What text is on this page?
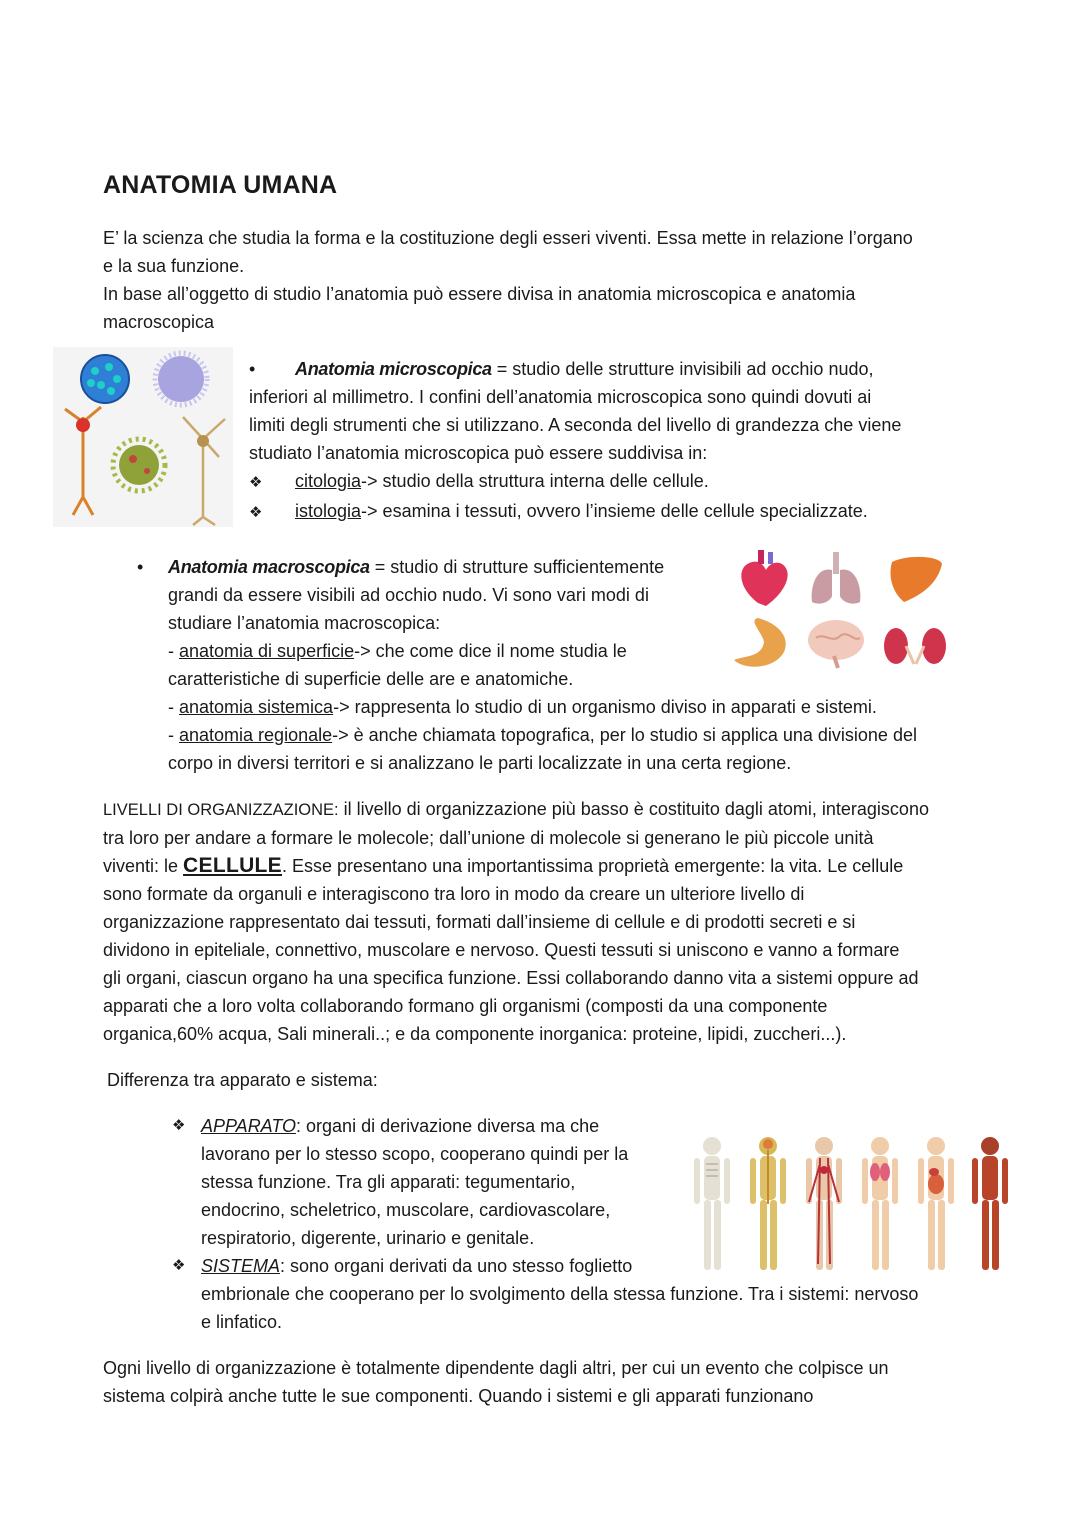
ANATOMIA UMANA

E’ la scienza che studia la forma e la costituzione degli esseri viventi. Essa mette in relazione l’organo

e la sua funzione.

In base all’oggetto di studio l’anatomia può essere divisa in anatomia microscopica e anatomia

macroscopica

• Anatomia microscopica = studio delle strutture invisibili ad occhio nudo,

inferiori al millimetro. I confini dell’anatomia microscopica sono quindi dovuti ai

limiti degli strumenti che si utilizzano. A seconda del livello di grandezza che viene

studiato l’anatomia microscopica può essere suddivisa in:

❖ citologia-> studio della struttura interna delle cellule.

❖ istologia-> esamina i tessuti, ovvero l’insieme delle cellule specializzate.

• Anatomia macroscopica = studio di strutture sufficientemente

grandi da essere visibili ad occhio nudo. Vi sono vari modi di

studiare l’anatomia macroscopica:

- anatomia di superficie-> che come dice il nome studia le

caratteristiche di superficie delle are e anatomiche.

- anatomia sistemica-> rappresenta lo studio di un organismo diviso in apparati e sistemi.

- anatomia regionale-> è anche chiamata topografica, per lo studio si applica una divisione del

corpo in diversi territori e si analizzano le parti localizzate in una certa regione.

LIVELLI DI ORGANIZZAZIONE: il livello di organizzazione più basso è costituito dagli atomi, interagiscono

tra loro per andare a formare le molecole; dall’unione di molecole si generano le più piccole unità

viventi: le CELLULE. Esse presentano una importantissima proprietà emergente: la vita. Le cellule

sono formate da organuli e interagiscono tra loro in modo da creare un ulteriore livello di

organizzazione rappresentato dai tessuti, formati dall’insieme di cellule e di prodotti secreti e si

dividono in epiteliale, connettivo, muscolare e nervoso. Questi tessuti si uniscono e vanno a formare

gli organi, ciascun organo ha una specifica funzione. Essi collaborando danno vita a sistemi oppure ad

apparati che a loro volta collaborando formano gli organismi (composti da una componente

organica,60% acqua, Sali minerali..; e da componente inorganica: proteine, lipidi, zuccheri...).

Differenza tra apparato e sistema:

❖
❖

APPARATO: organi di derivazione diversa ma che

lavorano per lo stesso scopo, cooperano quindi per la

stessa funzione. Tra gli apparati: tegumentario,

endocrino, scheletrico, muscolare, cardiovascolare,

respiratorio, digerente, urinario e genitale.

SISTEMA: sono organi derivati da uno stesso foglietto

embrionale che cooperano per lo svolgimento della stessa funzione. Tra i sistemi: nervoso

e linfatico.

Ogni livello di organizzazione è totalmente dipendente dagli altri, per cui un evento che colpisce un

sistema colpirà anche tutte le sue componenti. Quando i sistemi e gli apparati funzionano
